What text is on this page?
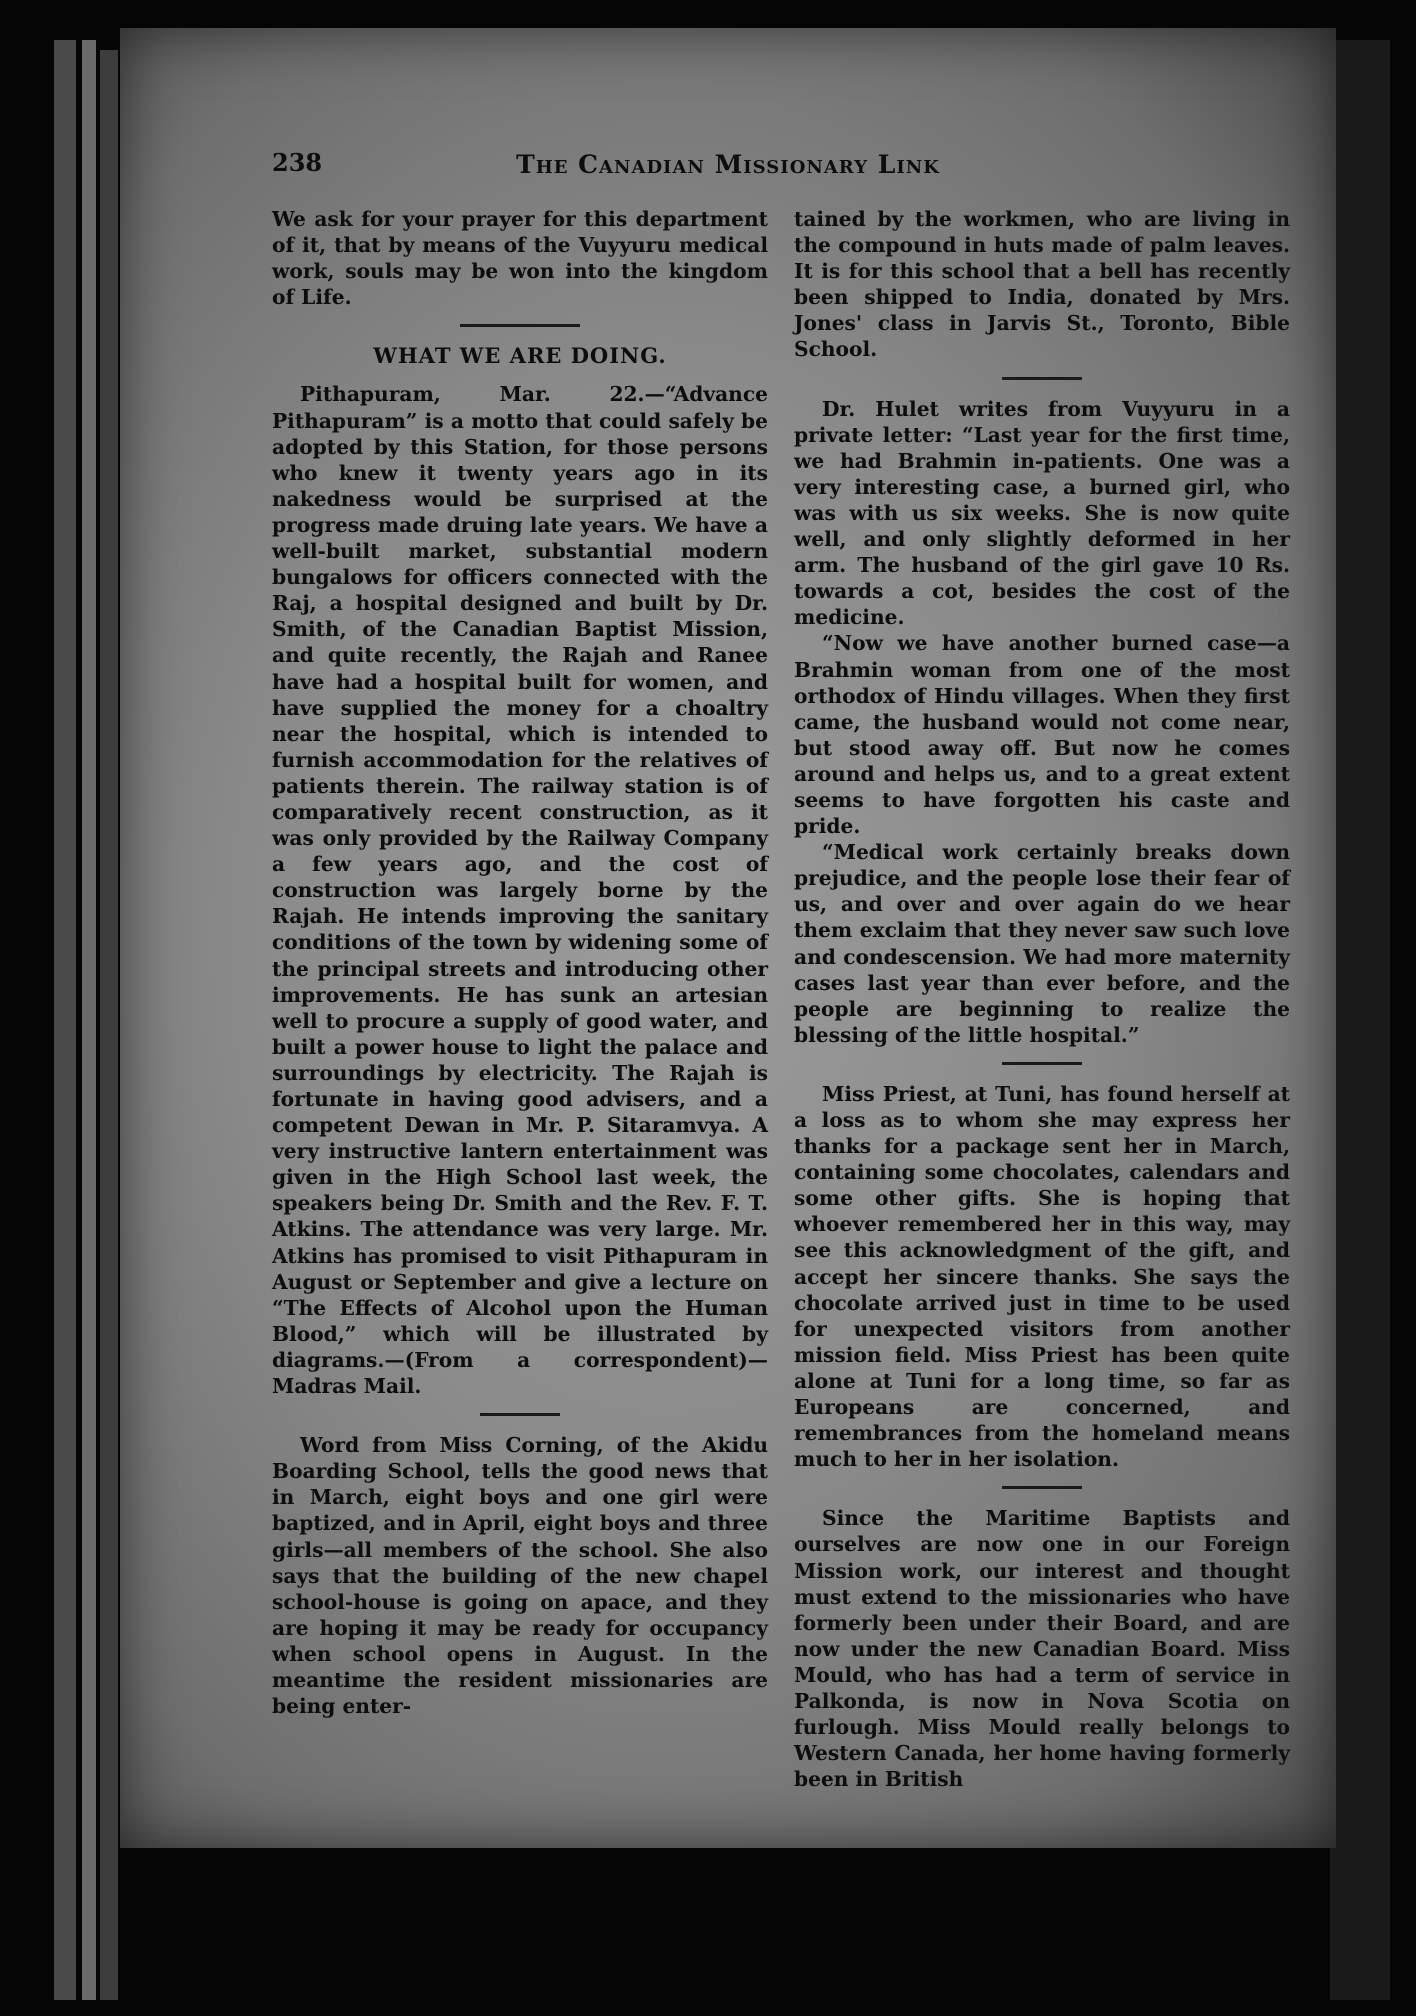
238	The Canadian Missionary Link

We ask for your prayer for this department of it, that by means of the Vuyyuru medical work, souls may be won into the kingdom of Life.

WHAT WE ARE DOING.

Pithapuram, Mar. 22.—“Advance Pithapuram” is a motto that could safely be adopted by this Station, for those persons who knew it twenty years ago in its nakedness would be surprised at the progress made druing late years. We have a well-built market, substantial modern bungalows for officers connected with the Raj, a hospital designed and built by Dr. Smith, of the Canadian Baptist Mission, and quite recently, the Rajah and Ranee have had a hospital built for women, and have supplied the money for a choaltry near the hospital, which is intended to furnish accommodation for the relatives of patients therein. The railway station is of comparatively recent construction, as it was only provided by the Railway Company a few years ago, and the cost of construction was largely borne by the Rajah. He intends improving the sanitary conditions of the town by widening some of the principal streets and introducing other improvements. He has sunk an artesian well to procure a supply of good water, and built a power house to light the palace and surroundings by electricity. The Rajah is fortunate in having good advisers, and a competent Dewan in Mr. P. Sitaramvya. A very instructive lantern entertainment was given in the High School last week, the speakers being Dr. Smith and the Rev. F. T. Atkins. The attendance was very large. Mr. Atkins has promised to visit Pithapuram in August or September and give a lecture on “The Effects of Alcohol upon the Human Blood,” which will be illustrated by diagrams.—(From a correspondent)—Madras Mail.

Word from Miss Corning, of the Akidu Boarding School, tells the good news that in March, eight boys and one girl were baptized, and in April, eight boys and three girls—all members of the school. She also says that the building of the new chapel school-house is going on apace, and they are hoping it may be ready for occupancy when school opens in August. In the meantime the resident missionaries are being enter-

tained by the workmen, who are living in the compound in huts made of palm leaves. It is for this school that a bell has recently been shipped to India, donated by Mrs. Jones' class in Jarvis St., Toronto, Bible School.

Dr. Hulet writes from Vuyyuru in a private letter: “Last year for the first time, we had Brahmin in-patients. One was a very interesting case, a burned girl, who was with us six weeks. She is now quite well, and only slightly deformed in her arm. The husband of the girl gave 10 Rs. towards a cot, besides the cost of the medicine.

“Now we have another burned case—a Brahmin woman from one of the most orthodox of Hindu villages. When they first came, the husband would not come near, but stood away off. But now he comes around and helps us, and to a great extent seems to have forgotten his caste and pride.

“Medical work certainly breaks down prejudice, and the people lose their fear of us, and over and over again do we hear them exclaim that they never saw such love and condescension. We had more maternity cases last year than ever before, and the people are beginning to realize the blessing of the little hospital.”

Miss Priest, at Tuni, has found herself at a loss as to whom she may express her thanks for a package sent her in March, containing some chocolates, calendars and some other gifts. She is hoping that whoever remembered her in this way, may see this acknowledgment of the gift, and accept her sincere thanks. She says the chocolate arrived just in time to be used for unexpected visitors from another mission field. Miss Priest has been quite alone at Tuni for a long time, so far as Europeans are concerned, and remembrances from the homeland means much to her in her isolation.

Since the Maritime Baptists and ourselves are now one in our Foreign Mission work, our interest and thought must extend to the missionaries who have formerly been under their Board, and are now under the new Canadian Board. Miss Mould, who has had a term of service in Palkonda, is now in Nova Scotia on furlough. Miss Mould really belongs to Western Canada, her home having formerly been in British
